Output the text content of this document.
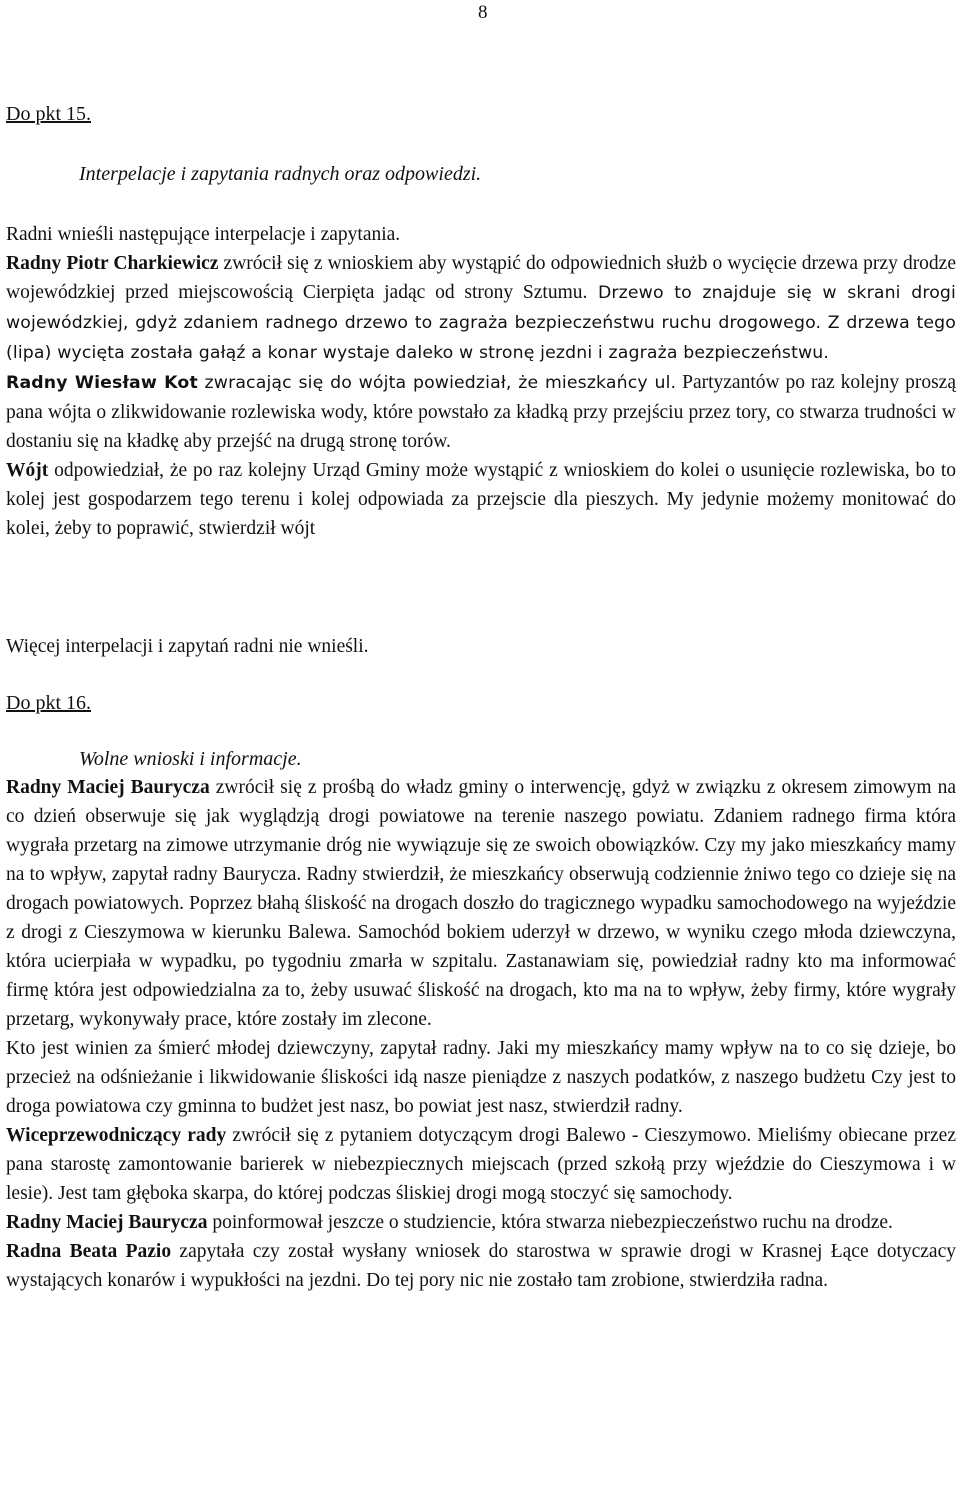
8
Do pkt 15.
Interpelacje i zapytania radnych oraz odpowiedzi.

Radni wnieśli następujące interpelacje i zapytania.

Radny Piotr Charkiewicz zwrócił się z wnioskiem aby wystąpić do odpowiednich służb o wycięcie drzewa przy drodze wojewódzkiej przed miejscowością Cierpięta jadąc od strony Sztumu. Drzewo to znajduje się w skrani drogi wojewódzkiej, gdyż zdaniem radnego drzewo to zagraża bezpieczeństwu ruchu drogowego. Z drzewa tego (lipa) wycięta została gałąź a konar wystaje daleko w stronę jezdni i zagraża bezpieczeństwu.

Radny Wiesław Kot zwracając się do wójta powiedział, że mieszkańcy ul. Partyzantów po raz kolejny proszą pana wójta o zlikwidowanie rozlewiska wody, które powstało za kładką przy przejściu przez tory, co stwarza trudności w dostaniu się na kładkę aby przejść na drugą stronę torów.

Wójt odpowiedział, że po raz kolejny Urząd Gminy może wystąpić z wnioskiem do kolei o usunięcie rozlewiska, bo to kolej jest gospodarzem tego terenu i kolej odpowiada za przejscie dla pieszych. My jedynie możemy monitować do kolei, żeby to poprawić, stwierdził wójt

Więcej interpelacji i zapytań radni nie wnieśli.
Do pkt 16.
Wolne wnioski i informacje.

Radny Maciej Baurycza zwrócił się z prośbą do władz gminy o interwencję, gdyż w związku z okresem zimowym na co dzień obserwuje się jak wyglądzją drogi powiatowe na terenie naszego powiatu. Zdaniem radnego firma która wygrała przetarg na zimowe utrzymanie dróg nie wywiązuje się ze swoich obowiązków. Czy my jako mieszkańcy mamy na to wpływ, zapytał radny Baurycza. Radny stwierdził, że mieszkańcy obserwują codziennie żniwo tego co dzieje się na drogach powiatowych. Poprzez błahą śliskość na drogach doszło do tragicznego wypadku samochodowego na wyjeździe z drogi z Cieszymowa w kierunku Balewa. Samochód bokiem uderzył w drzewo, w wyniku czego młoda dziewczyna, która ucierpiała w wypadku, po tygodniu zmarła w szpitalu. Zastanawiam się, powiedział radny kto ma informować firmę która jest odpowiedzialna za to, żeby usuwać śliskość na drogach, kto ma na to wpływ, żeby firmy, które wygrały przetarg, wykonywały prace, które zostały im zlecone.

Kto jest winien za śmierć młodej dziewczyny, zapytał radny. Jaki my mieszkańcy mamy wpływ na to co się dzieje, bo przecież na odśnieżanie i likwidowanie śliskości idą nasze pieniądze z naszych podatków, z naszego budżetu Czy jest to droga powiatowa czy gminna to budżet jest nasz, bo powiat jest nasz, stwierdził radny.

Wiceprzewodniczący rady zwrócił się z pytaniem dotyczącym drogi Balewo - Cieszymowo. Mieliśmy obiecane przez pana starostę zamontowanie barierek w niebezpiecznych miejscach (przed szkołą przy wjeździe do Cieszymowa i w lesie). Jest tam głęboka skarpa, do której podczas śliskiej drogi mogą stoczyć się samochody.

Radny Maciej Baurycza poinformował jeszcze o studziencie, która stwarza niebezpieczeństwo ruchu na drodze.

Radna Beata Pazio zapytała czy został wysłany wniosek do starostwa w sprawie drogi w Krasnej Łące dotyczacy wystających konarów i wypukłości na jezdni. Do tej pory nic nie zostało tam zrobione, stwierdziła radna.
